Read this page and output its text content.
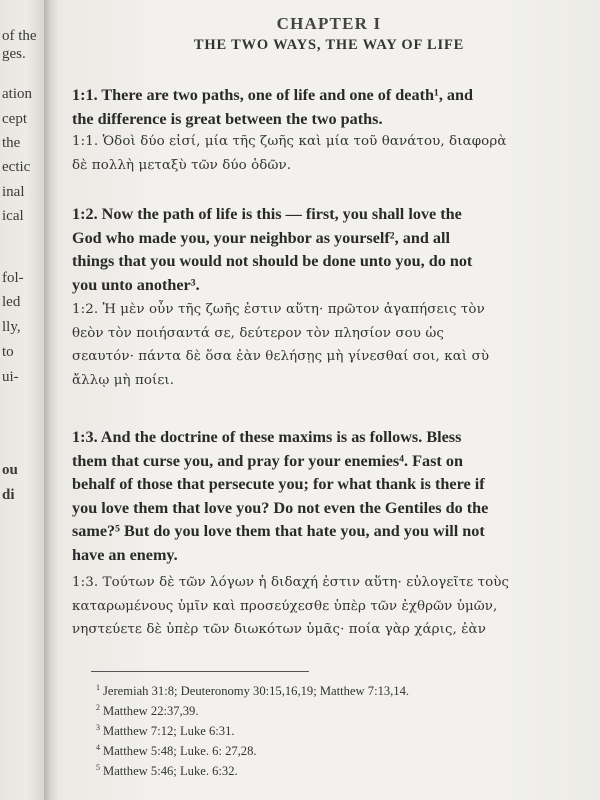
of the
ges.
ation
cept
the
ectic
inal
ical
fol-
led
lly,
to
ui-
ou
di
CHAPTER I
THE TWO WAYS, THE WAY OF LIFE
1:1. There are two paths, one of life and one of death¹, and
the difference is great between the two paths.
1:1. Ὁδοὶ δύο εἰσί, μία τῆς ζωῆς καὶ μία τοῦ θανάτου, διαφορὰ
δὲ πολλὴ μεταξὺ τῶν δύο ὁδῶν.
1:2. Now the path of life is this — first, you shall love the
God who made you, your neighbor as yourself², and all
things that you would not should be done unto you, do not
you unto another³.
1:2. Ἡ μὲν οὖν τῆς ζωῆς ἐστιν αὕτη· πρῶτον ἀγαπήσεις τὸν
θεὸν τὸν ποιήσαντά σε, δεύτερον τὸν πλησίον σου ὡς
σεαυτόν· πάντα δὲ ὅσα ἐὰν θελήσῃς μὴ γίνεσθαί σοι, καὶ σὺ
ἄλλῳ μὴ ποίει.
1:3. And the doctrine of these maxims is as follows. Bless
them that curse you, and pray for your enemies⁴. Fast on
behalf of those that persecute you; for what thank is there if
you love them that love you? Do not even the Gentiles do the
same?⁵ But do you love them that hate you, and you will not
have an enemy.
1:3. Τούτων δὲ τῶν λόγων ἡ διδαχή ἐστιν αὕτη· εὐλογεῖτε τοὺς
καταρωμένους ὑμῖν καὶ προσεύχεσθε ὑπὲρ τῶν ἐχθρῶν ὑμῶν,
νηστεύετε δὲ ὑπὲρ τῶν διωκότων ὑμᾶς· ποία γὰρ χάρις, ἐὰν
$^1$ Jeremiah 31:8; Deuteronomy 30:15,16,19; Matthew 7:13,14.
$^2$ Matthew 22:37,39.
$^3$ Matthew 7:12; Luke 6:31.
$^4$ Matthew 5:48; Luke. 6: 27,28.
$^5$ Matthew 5:46; Luke. 6:32.
